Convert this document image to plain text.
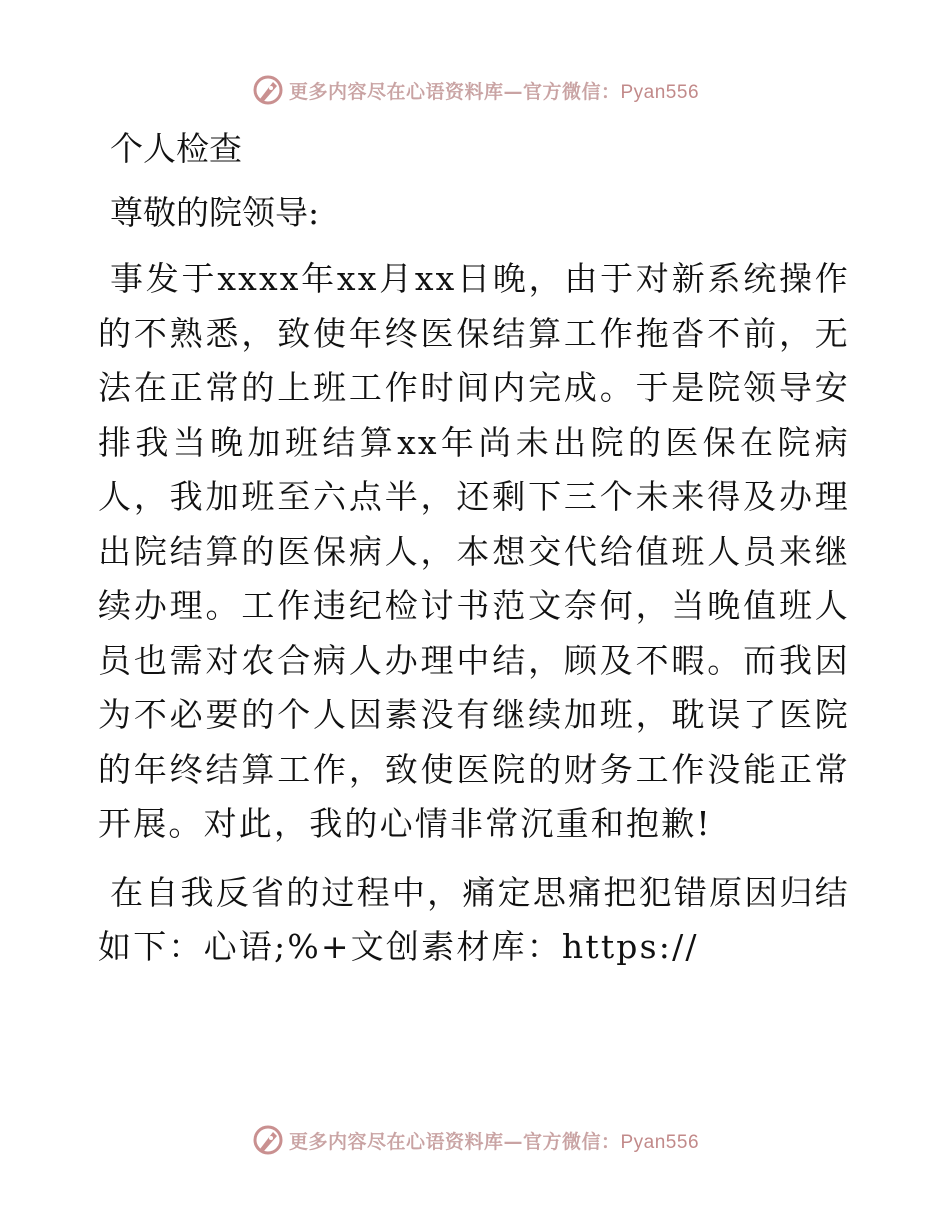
更多内容尽在心语资料库—官方微信：Pyan556
个人检查
尊敬的院领导:

事发于xxxx年xx月xx日晚，由于对新系统操作的不熟悉，致使年终医保结算工作拖沓不前，无法在正常的上班工作时间内完成。于是院领导安排我当晚加班结算xx年尚未出院的医保在院病人，我加班至六点半，还剩下三个未来得及办理出院结算的医保病人，本想交代给值班人员来继续办理。工作违纪检讨书范文奈何，当晚值班人员也需对农合病人办理中结，顾及不暇。而我因为不必要的个人因素没有继续加班，耽误了医院的年终结算工作，致使医院的财务工作没能正常开展。对此，我的心情非常沉重和抱歉!

在自我反省的过程中，痛定思痛把犯错原因归结如下：心语;%+文创素材库：https://

更多内容尽在心语资料库—官方微信：Pyan556
